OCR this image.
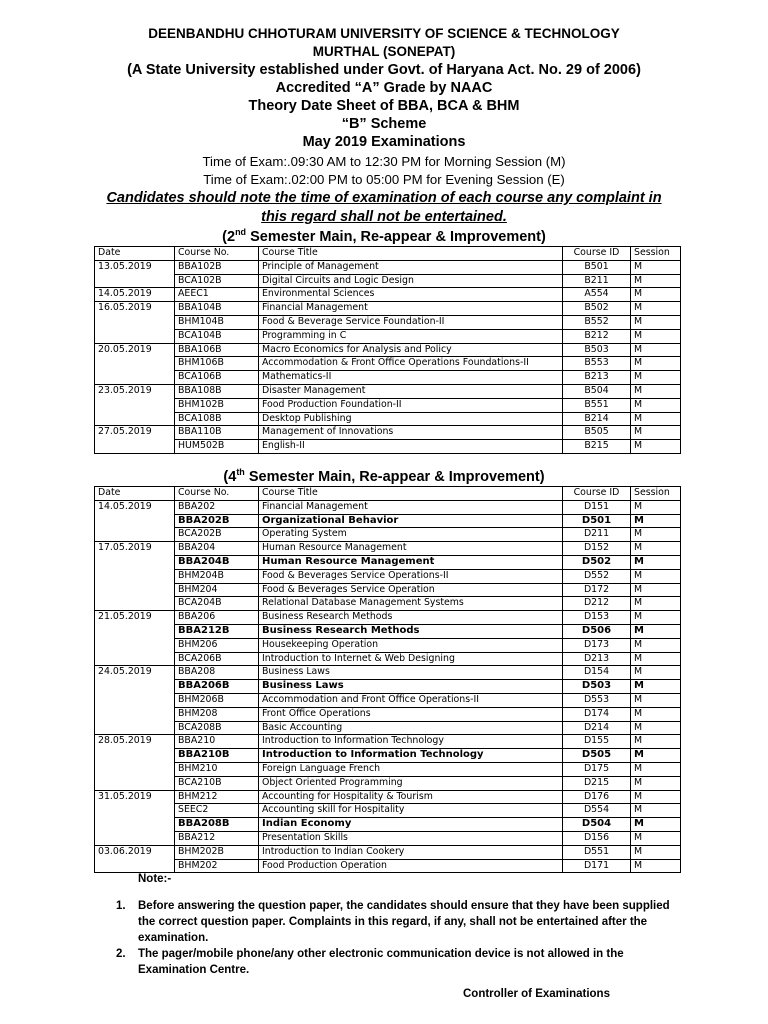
DEENBANDHU CHHOTURAM UNIVERSITY OF SCIENCE & TECHNOLOGY
MURTHAL (SONEPAT)
(A State University established under Govt. of Haryana Act. No. 29 of 2006)
Accredited “A” Grade by NAAC
Theory Date Sheet of BBA, BCA & BHM
“B” Scheme
May 2019 Examinations
Time of Exam:.09:30 AM to 12:30 PM for Morning Session (M)
Time of Exam:.02:00 PM to 05:00 PM for Evening Session (E)
Candidates should note the time of examination of each course any complaint in
this regard shall not be entertained.
(2nd Semester Main, Re-appear & Improvement)
Date	Course No.	Course Title	Course ID	Session
13.05.2019	BBA102B	Principle of Management	B501	M
	BCA102B	Digital Circuits and Logic Design	B211	M
14.05.2019	AEEC1	Environmental Sciences	A554	M
16.05.2019	BBA104B	Financial Management	B502	M
	BHM104B	Food & Beverage Service Foundation-II	B552	M
	BCA104B	Programming in C	B212	M
20.05.2019	BBA106B	Macro Economics for Analysis and Policy	B503	M
	BHM106B	Accommodation & Front Office Operations Foundations-II	B553	M
	BCA106B	Mathematics-II	B213	M
23.05.2019	BBA108B	Disaster Management	B504	M
	BHM102B	Food Production Foundation-II	B551	M
	BCA108B	Desktop Publishing	B214	M
27.05.2019	BBA110B	Management of Innovations	B505	M
	HUM502B	English-II	B215	M
(4th Semester Main, Re-appear & Improvement)
Date	Course No.	Course Title	Course ID	Session
14.05.2019	BBA202	Financial Management	D151	M
	BBA202B	Organizational Behavior	D501	M
	BCA202B	Operating System	D211	M
17.05.2019	BBA204	Human Resource Management	D152	M
	BBA204B	Human Resource Management	D502	M
	BHM204B	Food & Beverages Service Operations-II	D552	M
	BHM204	Food & Beverages Service Operation	D172	M
	BCA204B	Relational Database Management Systems	D212	M
21.05.2019	BBA206	Business Research Methods	D153	M
	BBA212B	Business Research Methods	D506	M
	BHM206	Housekeeping Operation	D173	M
	BCA206B	Introduction to Internet & Web Designing	D213	M
24.05.2019	BBA208	Business Laws	D154	M
	BBA206B	Business Laws	D503	M
	BHM206B	Accommodation and Front Office Operations-II	D553	M
	BHM208	Front Office Operations	D174	M
	BCA208B	Basic Accounting	D214	M
28.05.2019	BBA210	Introduction to Information Technology	D155	M
	BBA210B	Introduction to Information Technology	D505	M
	BHM210	Foreign Language French	D175	M
	BCA210B	Object Oriented Programming	D215	M
31.05.2019	BHM212	Accounting for Hospitality & Tourism	D176	M
	SEEC2	Accounting skill for Hospitality	D554	M
	BBA208B	Indian Economy	D504	M
	BBA212	Presentation Skills	D156	M
03.06.2019	BHM202B	Introduction to Indian Cookery	D551	M
	BHM202	Food Production Operation	D171	M
Note:-
1. Before answering the question paper, the candidates should ensure that they have been supplied the correct question paper. Complaints in this regard, if any, shall not be entertained after the examination.
2. The pager/mobile phone/any other electronic communication device is not allowed in the Examination Centre.
Controller of Examinations
